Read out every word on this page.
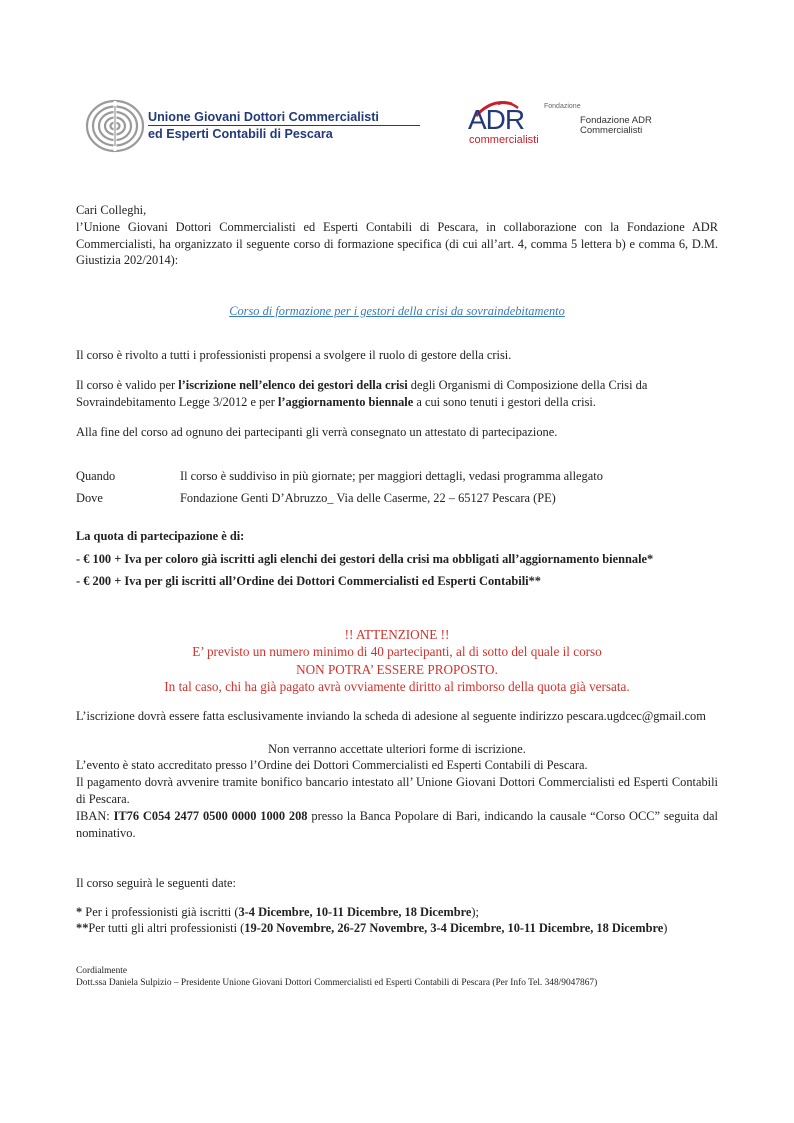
Unione Giovani Dottori Commercialisti
ed Esperti Contabili di Pescara
Fondazione
ADR
commercialisti
Fondazione ADR
Commercialisti
Cari Colleghi,
l’Unione Giovani Dottori Commercialisti ed Esperti Contabili di Pescara, in collaborazione con la Fondazione ADR Commercialisti, ha organizzato il seguente corso di formazione specifica (di cui all’art. 4, comma 5 lettera b) e comma 6, D.M. Giustizia 202/2014):
Corso di formazione per i gestori della crisi da sovraindebitamento
Il corso è rivolto a tutti i professionisti propensi a svolgere il ruolo di gestore della crisi.
Il corso è valido per l’iscrizione nell’elenco dei gestori della crisi degli Organismi di Composizione della Crisi da Sovraindebitamento Legge 3/2012 e per l’aggiornamento biennale a cui sono tenuti i gestori della crisi.
Alla fine del corso ad ognuno dei partecipanti gli verrà consegnato un attestato di partecipazione.
Quando	Il corso è suddiviso in più giornate; per maggiori dettagli, vedasi programma allegato
Dove	Fondazione Genti D’Abruzzo_ Via delle Caserme, 22 – 65127 Pescara (PE)
La quota di partecipazione è di:
- € 100 + Iva per coloro già iscritti agli elenchi dei gestori della crisi ma obbligati all’aggiornamento biennale*
- € 200 + Iva per gli iscritti all’Ordine dei Dottori Commercialisti ed Esperti Contabili**
!! ATTENZIONE !!
E’ previsto un numero minimo di 40 partecipanti, al di sotto del quale il corso
NON POTRA’ ESSERE PROPOSTO.
In tal caso, chi ha già pagato avrà ovviamente diritto al rimborso della quota già versata.
L’iscrizione dovrà essere fatta esclusivamente inviando la scheda di adesione al seguente indirizzo pescara.ugdcec@gmail.com
Non verranno accettate ulteriori forme di iscrizione.
L’evento è stato accreditato presso l’Ordine dei Dottori Commercialisti ed Esperti Contabili di Pescara.
Il pagamento dovrà avvenire tramite bonifico bancario intestato all’ Unione Giovani Dottori Commercialisti ed Esperti Contabili di Pescara.
IBAN: IT76 C054 2477 0500 0000 1000 208 presso la Banca Popolare di Bari, indicando la causale “Corso OCC” seguita dal nominativo.
Il corso seguirà le seguenti date:
* Per i professionisti già iscritti (3-4 Dicembre, 10-11 Dicembre, 18 Dicembre);
**Per tutti gli altri professionisti (19-20 Novembre, 26-27 Novembre, 3-4 Dicembre, 10-11 Dicembre, 18 Dicembre)
Cordialmente
Dott.ssa Daniela Sulpizio – Presidente Unione Giovani Dottori Commercialisti ed Esperti Contabili di Pescara (Per Info Tel. 348/9047867)
